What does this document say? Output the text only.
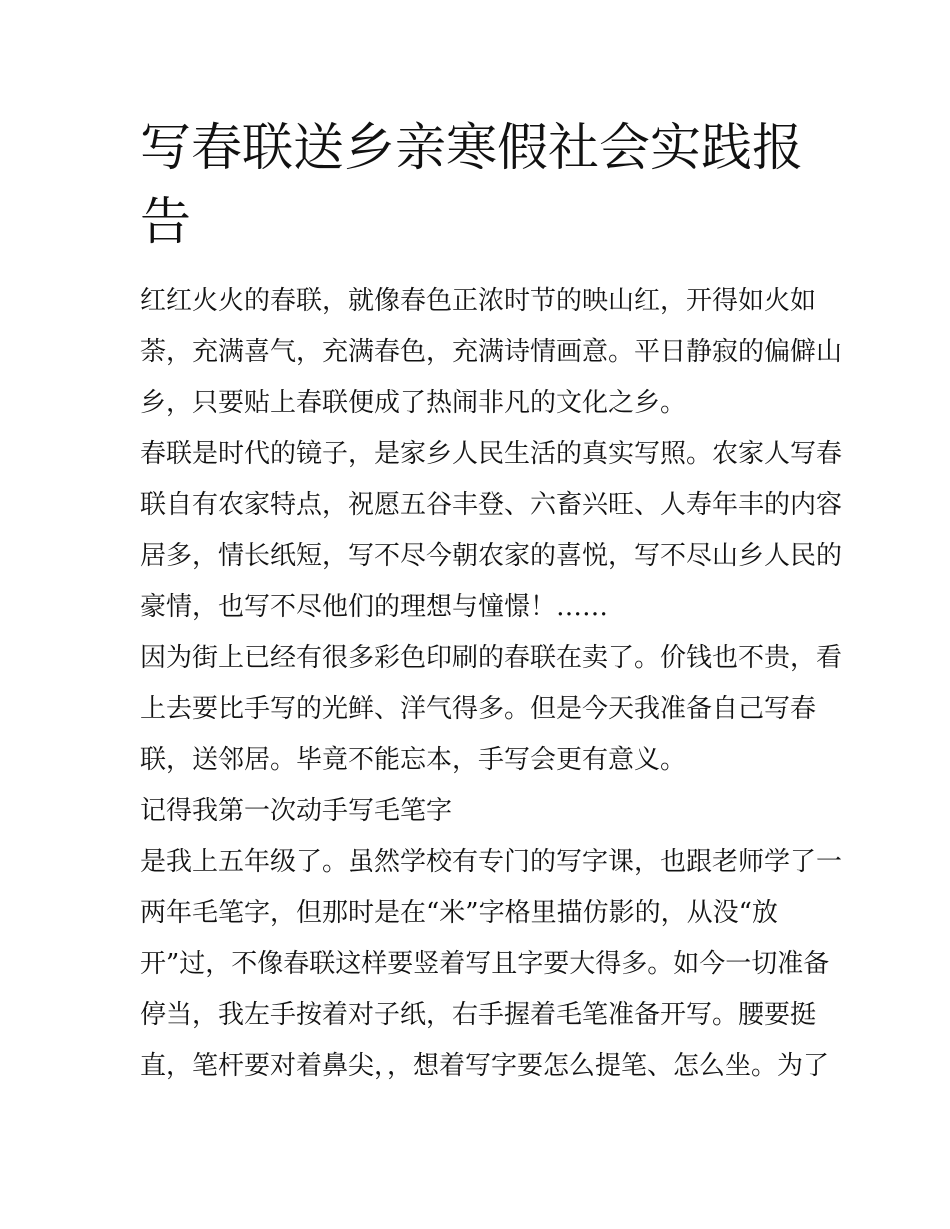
写春联送乡亲寒假社会实践报
告
红红火火的春联，就像春色正浓时节的映山红，开得如火如
荼，充满喜气，充满春色，充满诗情画意。平日静寂的偏僻山
乡，只要贴上春联便成了热闹非凡的文化之乡。
春联是时代的镜子，是家乡人民生活的真实写照。农家人写春
联自有农家特点，祝愿五谷丰登、六畜兴旺、人寿年丰的内容
居多，情长纸短，写不尽今朝农家的喜悦，写不尽山乡人民的
豪情，也写不尽他们的理想与憧憬！……
因为街上已经有很多彩色印刷的春联在卖了。价钱也不贵，看
上去要比手写的光鲜、洋气得多。但是今天我准备自己写春
联，送邻居。毕竟不能忘本，手写会更有意义。
记得我第一次动手写毛笔字
是我上五年级了。虽然学校有专门的写字课，也跟老师学了一
两年毛笔字，但那时是在“米”字格里描仿影的，从没“放
开”过，不像春联这样要竖着写且字要大得多。如今一切准备
停当，我左手按着对子纸，右手握着毛笔准备开写。腰要挺
直，笔杆要对着鼻尖，，想着写字要怎么提笔、怎么坐。为了
